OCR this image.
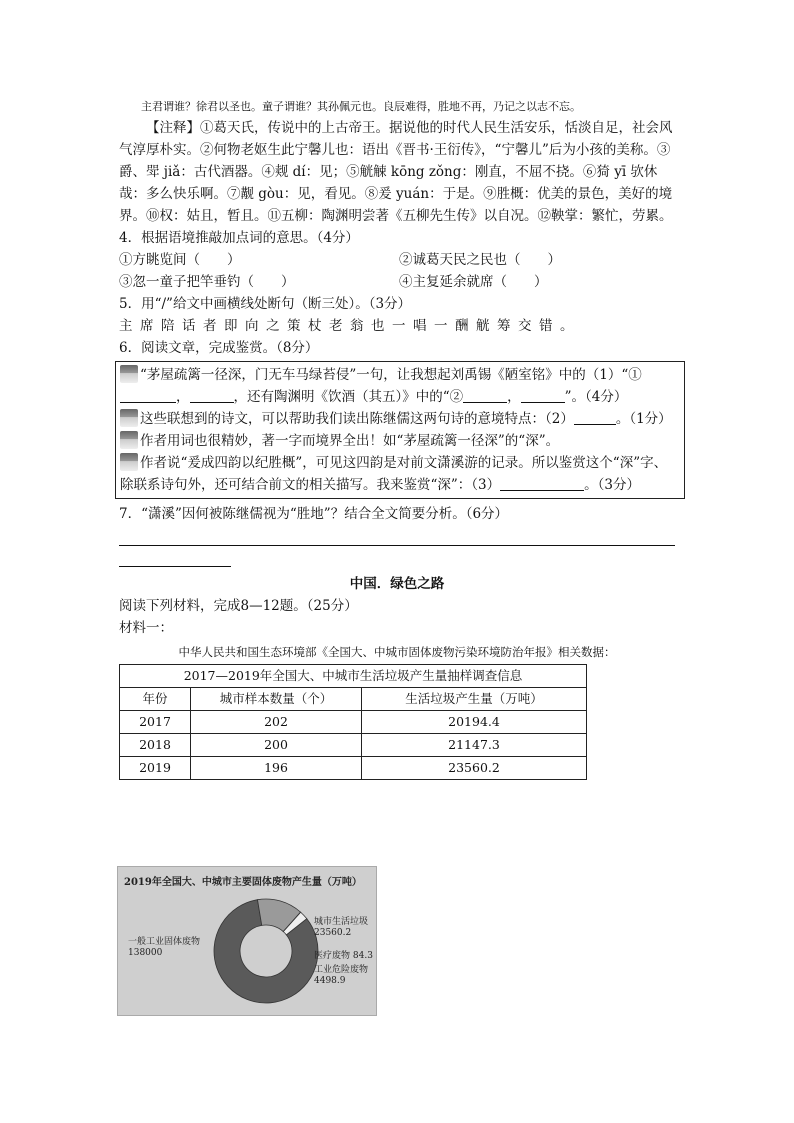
主君谓谁？徐君以圣也。童子谓谁？其孙佩元也。良辰难得，胜地不再，乃记之以志不忘。

【注释】①葛天氏，传说中的上古帝王。据说他的时代人民生活安乐，恬淡自足，社会风气淳厚朴实。②何物老妪生此宁馨儿也：语出《晋书·王衍传》，“宁馨儿”后为小孩的美称。③爵、斝 jiǎ：古代酒器。④觌 dí：见；⑤觥觫 kōng zǒng：刚直，不屈不挠。⑥猗 yī 欤休哉：多么快乐啊。⑦觏 gòu：见，看见。⑧爰 yuán：于是。⑨胜概：优美的景色，美好的境界。⑩权：姑且，暂且。⑪五柳：陶渊明尝著《五柳先生传》以自况。⑫鞅掌：繁忙，劳累。

4．根据语境推敲加点词的意思。（4分）

①方眺览间（　　）	②诚葛天民之民也（　　）
③忽一童子把竿垂钓（　　）	④主复延余就席（　　）

5．用“/”给文中画横线处断句（断三处）。（3分）

主席陪话者即向之策杖老翁也一唱一酬觥筹交错。

6．阅读文章，完成鉴赏。（8分）

“茅屋疏篱一径深，门无车马绿苔侵”一句，让我想起刘禹锡《陋室铭》中的（1）“①，	，还有陶渊明《饮酒（其五）》中的“②	，	”。（4分）

这些联想到的诗文，可以帮助我们读出陈继儒这两句诗的意境特点：（2）	。（1分）

作者用词也很精妙，著一字而境界全出！如“茅屋疏篱一径深”的“深”。

作者说“爰成四韵以纪胜概”，可见这四韵是对前文潇溪游的记录。所以鉴赏这个“深”字、除联系诗句外，还可结合前文的相关描写。我来鉴赏“深”：（3）	。（3分）

7．“潇溪”因何被陈继儒视为“胜地”？结合全文简要分析。（6分）

中国．绿色之路

阅读下列材料，完成8—12题。（25分）

材料一：

中华人民共和国生态环境部《全国大、中城市固体废物污染环境防治年报》相关数据：

2017—2019年全国大、中城市生活垃圾产生量抽样调查信息		
年份	城市样本数量（个）	生活垃圾产生量（万吨）
2017	202	20194.4
2018	200	21147.3
2019	196	23560.2
2019年全国大、中城市主要固体废物产生量（万吨）
一般工业固体废物
138000
城市生活垃圾
23560.2
医疗废物 84.3
工业危险废物
4498.9
